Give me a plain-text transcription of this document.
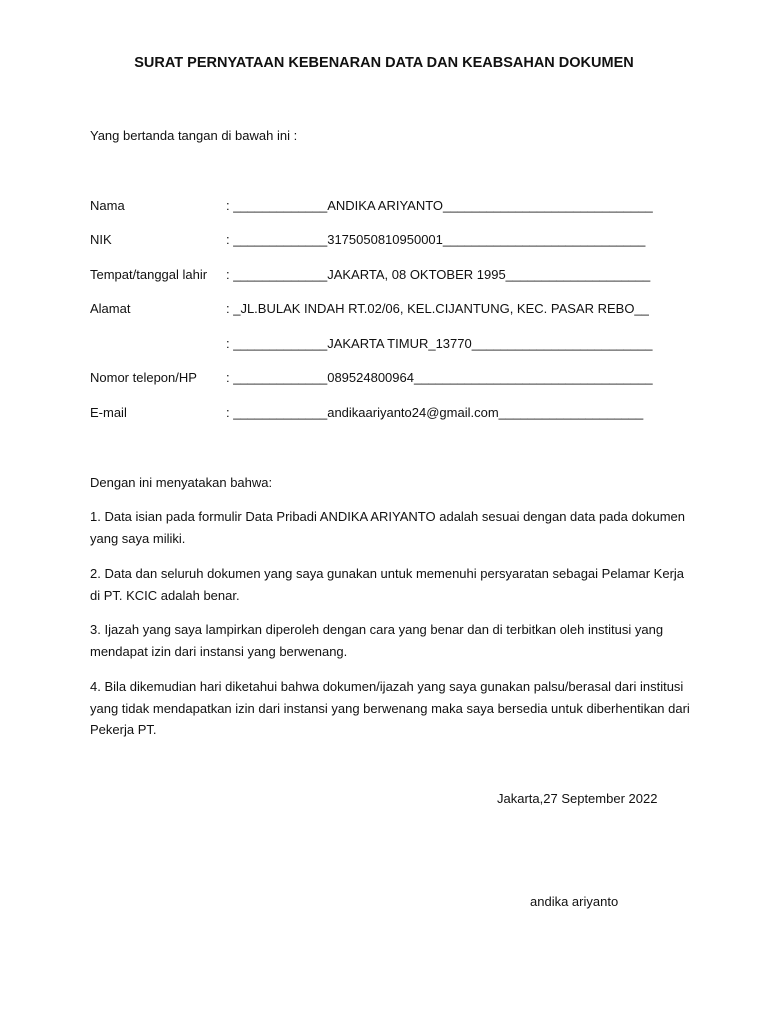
SURAT PERNYATAAN KEBENARAN DATA DAN KEABSAHAN DOKUMEN
Yang bertanda tangan di bawah ini :
Nama	: _____________ANDIKA ARIYANTO_____________________________
NIK	: _____________3175050810950001____________________________
Tempat/tanggal lahir : _____________JAKARTA, 08 OKTOBER 1995____________________
Alamat	: _JL.BULAK INDAH RT.02/06, KEL.CIJANTUNG, KEC. PASAR REBO__
: _____________JAKARTA TIMUR_13770_________________________
Nomor telepon/HP : _____________089524800964_________________________________
E-mail	: _____________andikaariyanto24@gmail.com____________________
Dengan ini menyatakan bahwa:

1. Data isian pada formulir Data Pribadi ANDIKA ARIYANTO adalah sesuai dengan data pada dokumen yang saya miliki.

2. Data dan seluruh dokumen yang saya gunakan untuk memenuhi persyaratan sebagai Pelamar Kerja di PT. KCIC adalah benar.

3. Ijazah yang saya lampirkan diperoleh dengan cara yang benar dan di terbitkan oleh institusi yang mendapat izin dari instansi yang berwenang.

4. Bila dikemudian hari diketahui bahwa dokumen/ijazah yang saya gunakan palsu/berasal dari institusi yang tidak mendapatkan izin dari instansi yang berwenang maka saya bersedia untuk diberhentikan dari Pekerja PT.

Jakarta,27 September 2022
andika ariyanto
